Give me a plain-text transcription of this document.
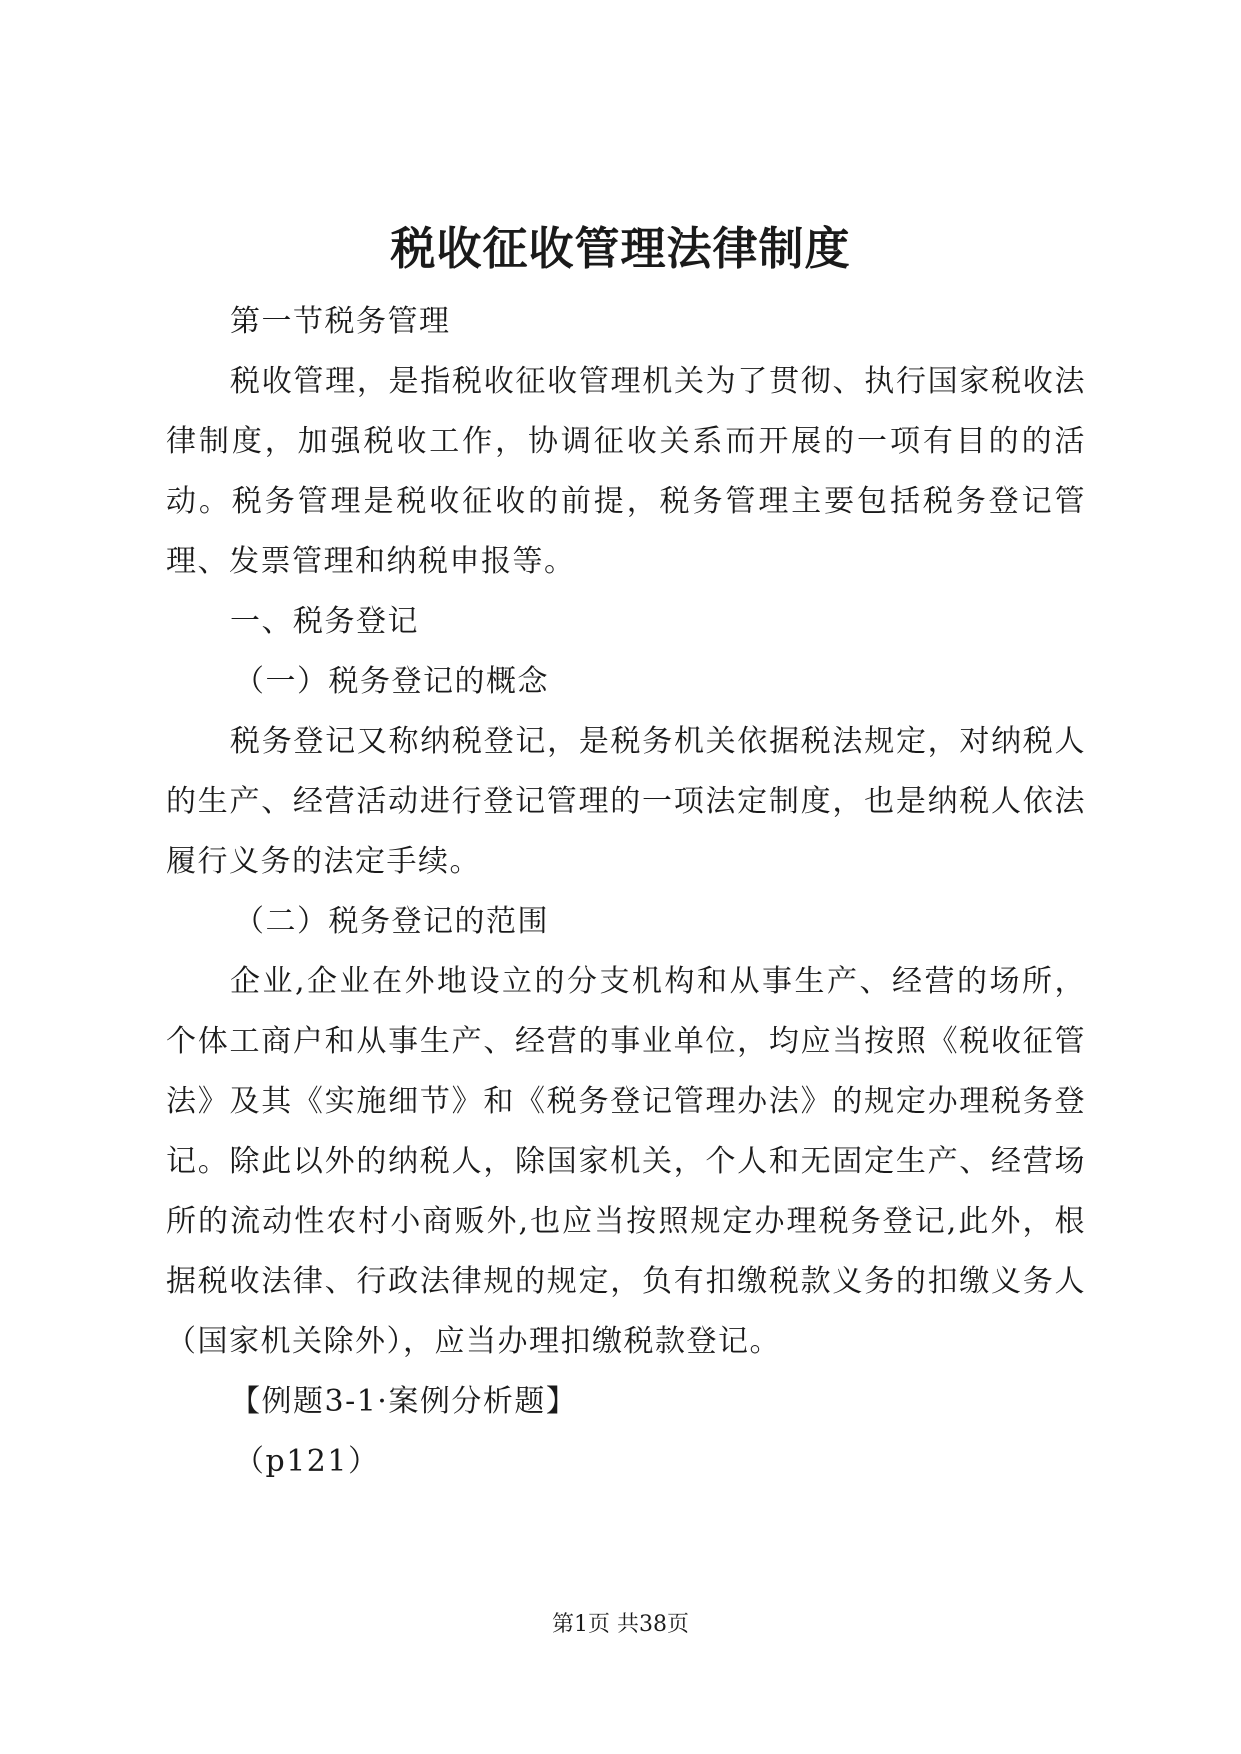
税收征收管理法律制度

第一节税务管理

税收管理，是指税收征收管理机关为了贯彻、执行国家税收法律制度，加强税收工作，协调征收关系而开展的一项有目的的活动。税务管理是税收征收的前提，税务管理主要包括税务登记管理、发票管理和纳税申报等。

一、税务登记

（一）税务登记的概念

税务登记又称纳税登记，是税务机关依据税法规定，对纳税人的生产、经营活动进行登记管理的一项法定制度，也是纳税人依法履行义务的法定手续。

（二）税务登记的范围

企业,企业在外地设立的分支机构和从事生产、经营的场所，个体工商户和从事生产、经营的事业单位，均应当按照《税收征管法》及其《实施细节》和《税务登记管理办法》的规定办理税务登记。除此以外的纳税人，除国家机关，个人和无固定生产、经营场所的流动性农村小商贩外,也应当按照规定办理税务登记,此外，根据税收法律、行政法律规的规定，负有扣缴税款义务的扣缴义务人（国家机关除外），应当办理扣缴税款登记。

【例题3-1·案例分析题】

（p121）

第1页 共38页
